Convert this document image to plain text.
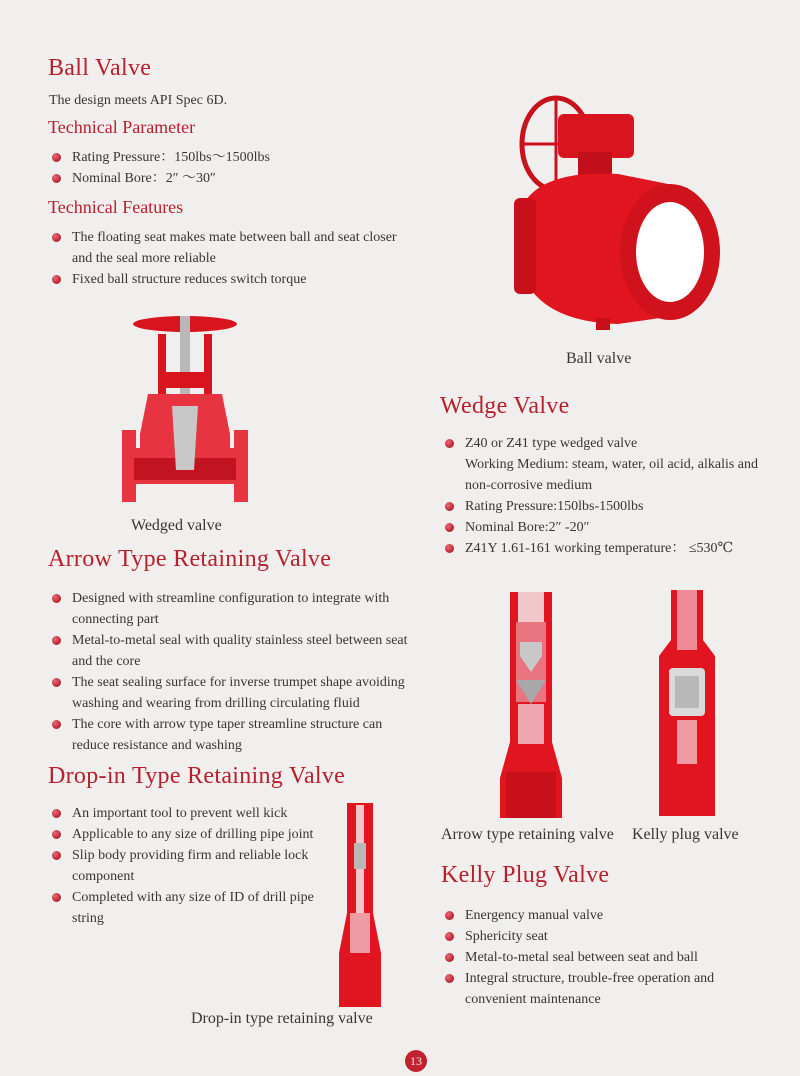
Ball Valve

The design meets API Spec 6D.

Technical Parameter
Rating Pressure：150lbs～1500lbs
Nominal Bore：2″ ～30″
Technical Features
The floating seat makes mate between ball and seat closer and the seal more reliable
Fixed ball structure reduces switch torque
Ball valve
Wedged valve
Wedge Valve
Z40 or Z41 type wedged valve
Working Medium: steam, water, oil acid, alkalis and non-corrosive medium
Rating Pressure:150lbs-1500lbs
Nominal Bore:2″ -20″
Z41Y 1.61-161 working temperature： ≤530℃
Arrow Type Retaining Valve
Designed with streamline configuration to integrate with connecting part
Metal-to-metal seal with quality stainless steel between seat and the core
The seat sealing surface for inverse trumpet shape avoiding washing and wearing from drilling circulating fluid
The core with arrow type taper streamline structure can reduce resistance and washing
Arrow type retaining valve Kelly plug valve
Drop-in Type Retaining Valve
An important tool to prevent well kick
Applicable to any size of drilling pipe joint
Slip body providing firm and reliable lock component
Completed with any size of ID of drill pipe string
Drop-in type retaining valve
Kelly Plug Valve
Energency manual valve
Sphericity seat
Metal-to-metal seal between seat and ball
Integral structure, trouble-free operation and convenient maintenance
13
